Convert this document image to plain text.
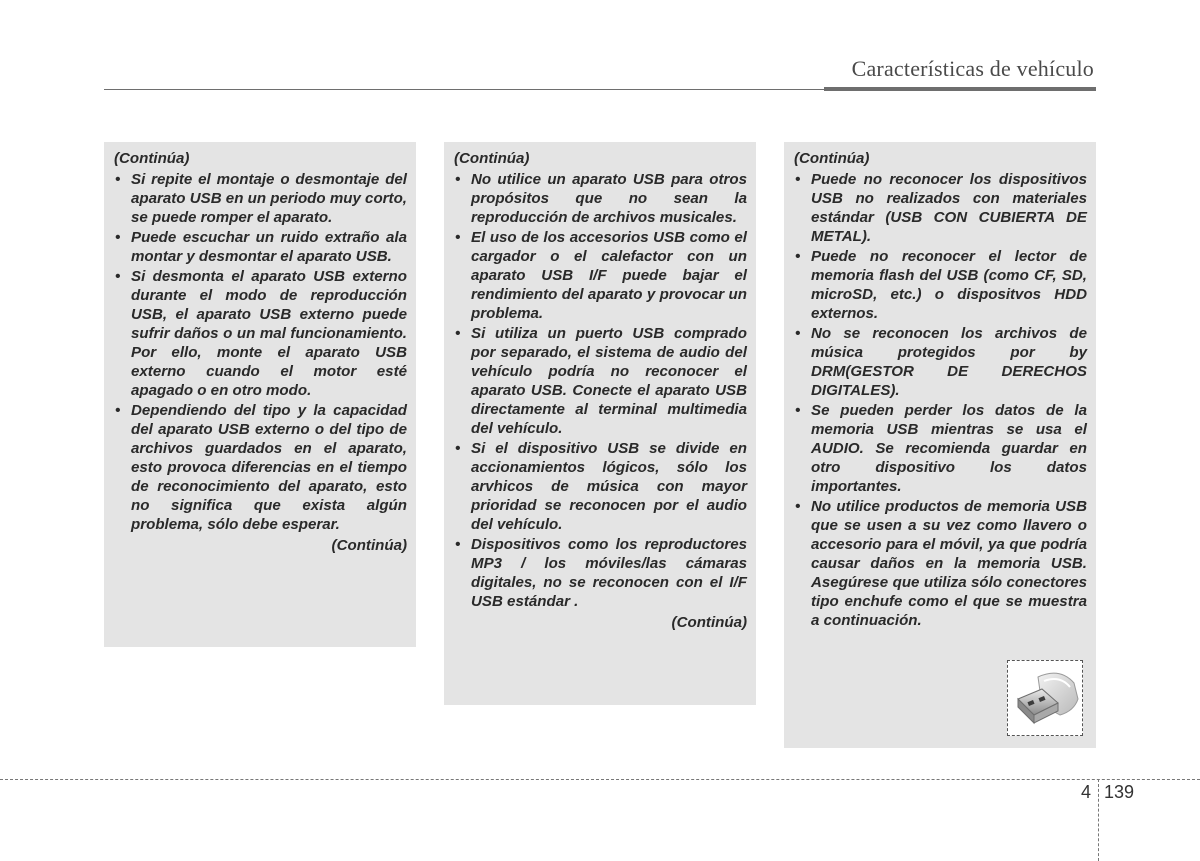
Características de vehículo
(Continúa)
• Si repite el montaje o desmontaje del aparato USB en un periodo muy corto, se puede romper el aparato.
• Puede escuchar un ruido extraño ala montar y desmontar el aparato USB.
• Si desmonta el aparato USB externo durante el modo de reproducción USB, el aparato USB externo puede sufrir daños o un mal funcionamiento. Por ello, monte el aparato USB externo cuando el motor esté apagado o en otro modo.
• Dependiendo del tipo y la capacidad del aparato USB externo o del tipo de archivos guardados en el aparato, esto provoca diferencias en el tiempo de reconocimiento del aparato, esto no significa que exista algún problema, sólo debe esperar.
(Continúa)
(Continúa)
• No utilice un aparato USB para otros propósitos que no sean la reproducción de archivos musicales.
• El uso de los accesorios USB como el cargador o el calefactor con un aparato USB I/F puede bajar el rendimiento del aparato y provocar un problema.
• Si utiliza un puerto USB comprado por separado, el sistema de audio del vehículo podría no reconocer el aparato USB. Conecte el aparato USB directamente al terminal multimedia del vehículo.
• Si el dispositivo USB se divide en accionamientos lógicos, sólo los arvhicos de música con mayor prioridad se reconocen por el audio del vehículo.
• Dispositivos como los reproductores MP3 / los móviles/las cámaras digitales, no se reconocen con el I/F USB estándar .
(Continúa)
(Continúa)
• Puede no reconocer los dispositivos USB no realizados con materiales estándar (USB CON CUBIERTA DE METAL).
• Puede no reconocer el lector de memoria flash del USB (como CF, SD, microSD, etc.) o dispositvos HDD externos.
• No se reconocen los archivos de música protegidos por by DRM(GESTOR DE DERECHOS DIGITALES).
• Se pueden perder los datos de la memoria USB mientras se usa el AUDIO. Se recomienda guardar en otro dispositivo los datos importantes.
• No utilice productos de memoria USB que se usen a su vez como llavero o accesorio para el móvil, ya que podría causar daños en la memoria USB. Asegúrese que utiliza sólo conectores tipo enchufe como el que se muestra a continuación.
4 139
